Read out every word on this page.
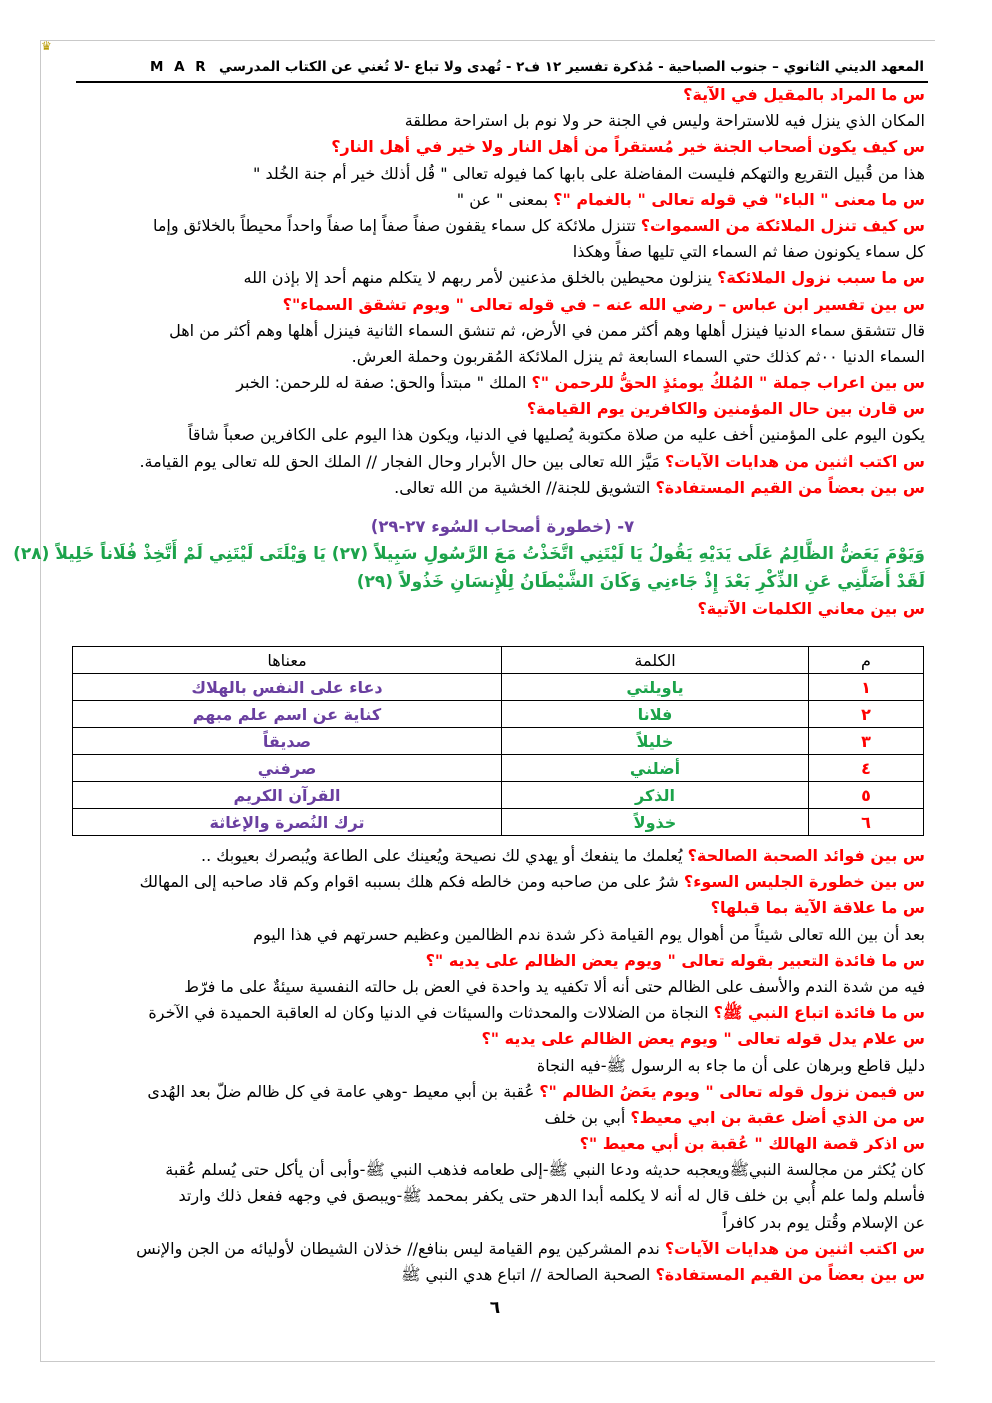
♛
المعهد الديني الثانوي – جنوب الصباحية - مُذكرة تفسير ١٢ ف٢ - تُهدى ولا تباع -لا تُغني عن الكتاب المدرسي
M A R
س ما المراد بالمقيل في الآية؟
المكان الذي ينزل فيه للاستراحة وليس في الجنة حر ولا نوم بل استراحة مطلقة
س كيف يكون أصحاب الجنة خير مُستقراً من أهل النار ولا خير في أهل النار؟
هذا من قُبيل التقريع والتهكم فليست المفاضلة على بابها كما فيوله تعالى " قُل أذلك خير أم جنة الخُلد "
س ما معنى " الباء" في قوله تعالى " بالغمام "؟ بمعنى " عن "
س كيف تنزل الملائكة من السموات؟ تتنزل ملائكة كل سماء يقفون صفاً صفاً إما صفاً واحداً محيطاً بالخلائق وإما
كل سماء يكونون صفا ثم السماء التي تليها صفاً وهكذا
س ما سبب نزول الملائكة؟ ينزلون محيطين بالخلق مذعنين لأمر ربهم لا يتكلم منهم أحد إلا بإذن الله
س بين تفسير ابن عباس – رضي الله عنه – في قوله تعالى " ويوم تشقق السماء"؟
قال تتشقق سماء الدنيا فينزل أهلها وهم أكثر ممن في الأرض، ثم تنشق السماء الثانية فينزل أهلها وهم أكثر من اهل
السماء الدنيا ٠٠ثم كذلك حتي السماء السابعة ثم ينزل الملائكة المُقربون وحملة العرش.
س بين اعراب جملة " المُلكُ يومئذٍ الحقُّ للرحمن "؟ الملك " مبتدأ والحق: صفة له للرحمن: الخبر
س قارن بين حال المؤمنين والكافرين يوم القيامة؟
يكون اليوم على المؤمنين أخف عليه من صلاة مكتوبة يُصليها في الدنيا، ويكون هذا اليوم على الكافرين صعباً شاقاً
س اكتب اثنين من هدايات الآيات؟ مَيَّز الله تعالى بين حال الأبرار وحال الفجار // الملك الحق لله تعالى يوم القيامة.
س بين بعضاً من القيم المستفادة؟ التشويق للجنة// الخشية من الله تعالى.
٧- (خطورة أصحاب السُوء ٢٧-٢٩)
وَيَوْمَ يَعَضُّ الظَّالِمُ عَلَى يَدَيْهِ يَقُولُ يَا لَيْتَنِي اتَّخَذْتُ مَعَ الرَّسُولِ سَبِيلاً (٢٧) يَا وَيْلَتَى لَيْتَنِي لَمْ أَتَّخِذْ فُلَاناً خَلِيلاً (٢٨)
لَقَدْ أَضَلَّنِي عَنِ الذِّكْرِ بَعْدَ إِذْ جَاءنِي وَكَانَ الشَّيْطَانُ لِلْإِنسَانِ خَذُولاً (٢٩)
س بين معاني الكلمات الآتية؟
م	الكلمة	معناها
١	ياويلتي	دعاء على النفس بالهلاك
٢	فلانا	كناية عن اسم علم مبهم
٣	خليلاً	صديقاً
٤	أضلني	صرفني
٥	الذكر	القرآن الكريم
٦	خذولاً	ترك النُصرة والإغاثة
س بين فوائد الصحبة الصالحة؟ يُعلمك ما ينفعك أو يهدي لك نصيحة ويُعينك على الطاعة ويُبصرك بعيوبك ..
س بين خطورة الجليس السوء؟ شرُ على من صاحبه ومن خالطه فكم هلك بسببه اقوام وكم قاد صاحبه إلى المهالك
س ما علاقة الآية بما قبلها؟
بعد أن بين الله تعالى شيئاً من أهوال يوم القيامة ذكر شدة ندم الظالمين وعظيم حسرتهم في هذا اليوم
س ما فائدة التعبير بقوله تعالى " ويوم يعض الظالم على يديه "؟
فيه من شدة الندم والأسف على الظالم حتى أنه ألا تكفيه يد واحدة في العض بل حالته النفسية سيئةٌ على ما فرّط
س ما فائدة اتباع النبي ﷺ؟ النجاة من الضلالات والمحدثات والسيئات في الدنيا وكان له العاقبة الحميدة في الآخرة
س علام يدل قوله تعالى " ويوم يعض الظالم على يديه "؟
دليل قاطع وبرهان على أن ما جاء به الرسول ﷺ-فيه النجاة
س فيمن نزول قوله تعالى " ويوم يعَضُ الظالم "؟ عُقبة بن أبي معيط -وهي عامة في كل ظالم ضلّ بعد الهُدى
س من الذي أضل عقبة بن ابي معيط؟ أبي بن خلف
س اذكر قصة الهالك " عُقبة بن أبي معيط "؟
كان يُكثر من مجالسة النبيﷺويعجبه حديثه ودعا النبي ﷺ-إلى طعامه فذهب النبي ﷺ-وأبى أن يأكل حتى يُسلم عُقبة
فأسلم ولما علم أُبي بن خلف قال له أنه لا يكلمه أبدا الدهر حتى يكفر بمحمد ﷺ-ويبصق في وجهه ففعل ذلك وارتد
عن الإسلام وقُتل يوم بدر كافراً
س اكتب اثنين من هدايات الآيات؟ ندم المشركين يوم القيامة ليس بنافع// خذلان الشيطان لأوليائه من الجن والإنس
س بين بعضاً من القيم المستفادة؟ الصحبة الصالحة // اتباع هدي النبي ﷺ
٦
